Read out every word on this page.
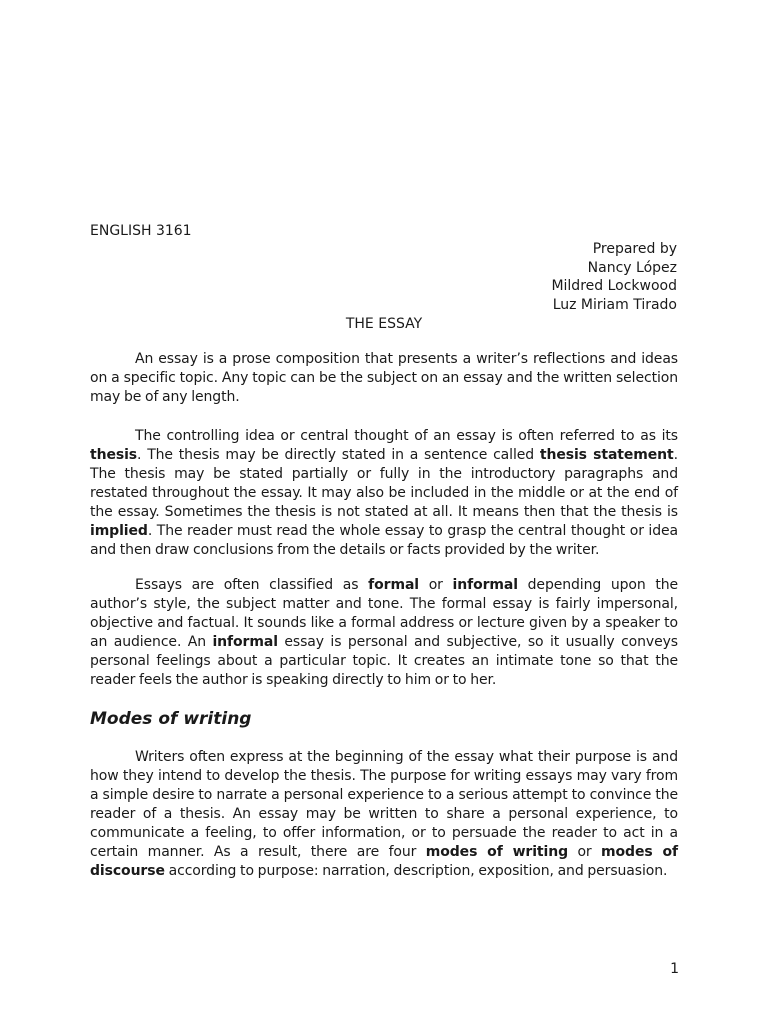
ENGLISH 3161
Prepared by
Nancy López
Mildred Lockwood
Luz Miriam Tirado
THE ESSAY

An essay is a prose composition that presents a writer’s reflections and ideas on a specific topic. Any topic can be the subject on an essay and the written selection may be of any length.

The controlling idea or central thought of an essay is often referred to as its thesis. The thesis may be directly stated in a sentence called thesis statement. The thesis may be stated partially or fully in the introductory paragraphs and restated throughout the essay. It may also be included in the middle or at the end of the essay. Sometimes the thesis is not stated at all. It means then that the thesis is implied. The reader must read the whole essay to grasp the central thought or idea and then draw conclusions from the details or facts provided by the writer.

Essays are often classified as formal or informal depending upon the author’s style, the subject matter and tone. The formal essay is fairly impersonal, objective and factual. It sounds like a formal address or lecture given by a speaker to an audience. An informal essay is personal and subjective, so it usually conveys personal feelings about a particular topic. It creates an intimate tone so that the reader feels the author is speaking directly to him or to her.

Modes of writing

Writers often express at the beginning of the essay what their purpose is and how they intend to develop the thesis. The purpose for writing essays may vary from a simple desire to narrate a personal experience to a serious attempt to convince the reader of a thesis. An essay may be written to share a personal experience, to communicate a feeling, to offer information, or to persuade the reader to act in a certain manner. As a result, there are four modes of writing or modes of discourse according to purpose: narration, description, exposition, and persuasion.

1
